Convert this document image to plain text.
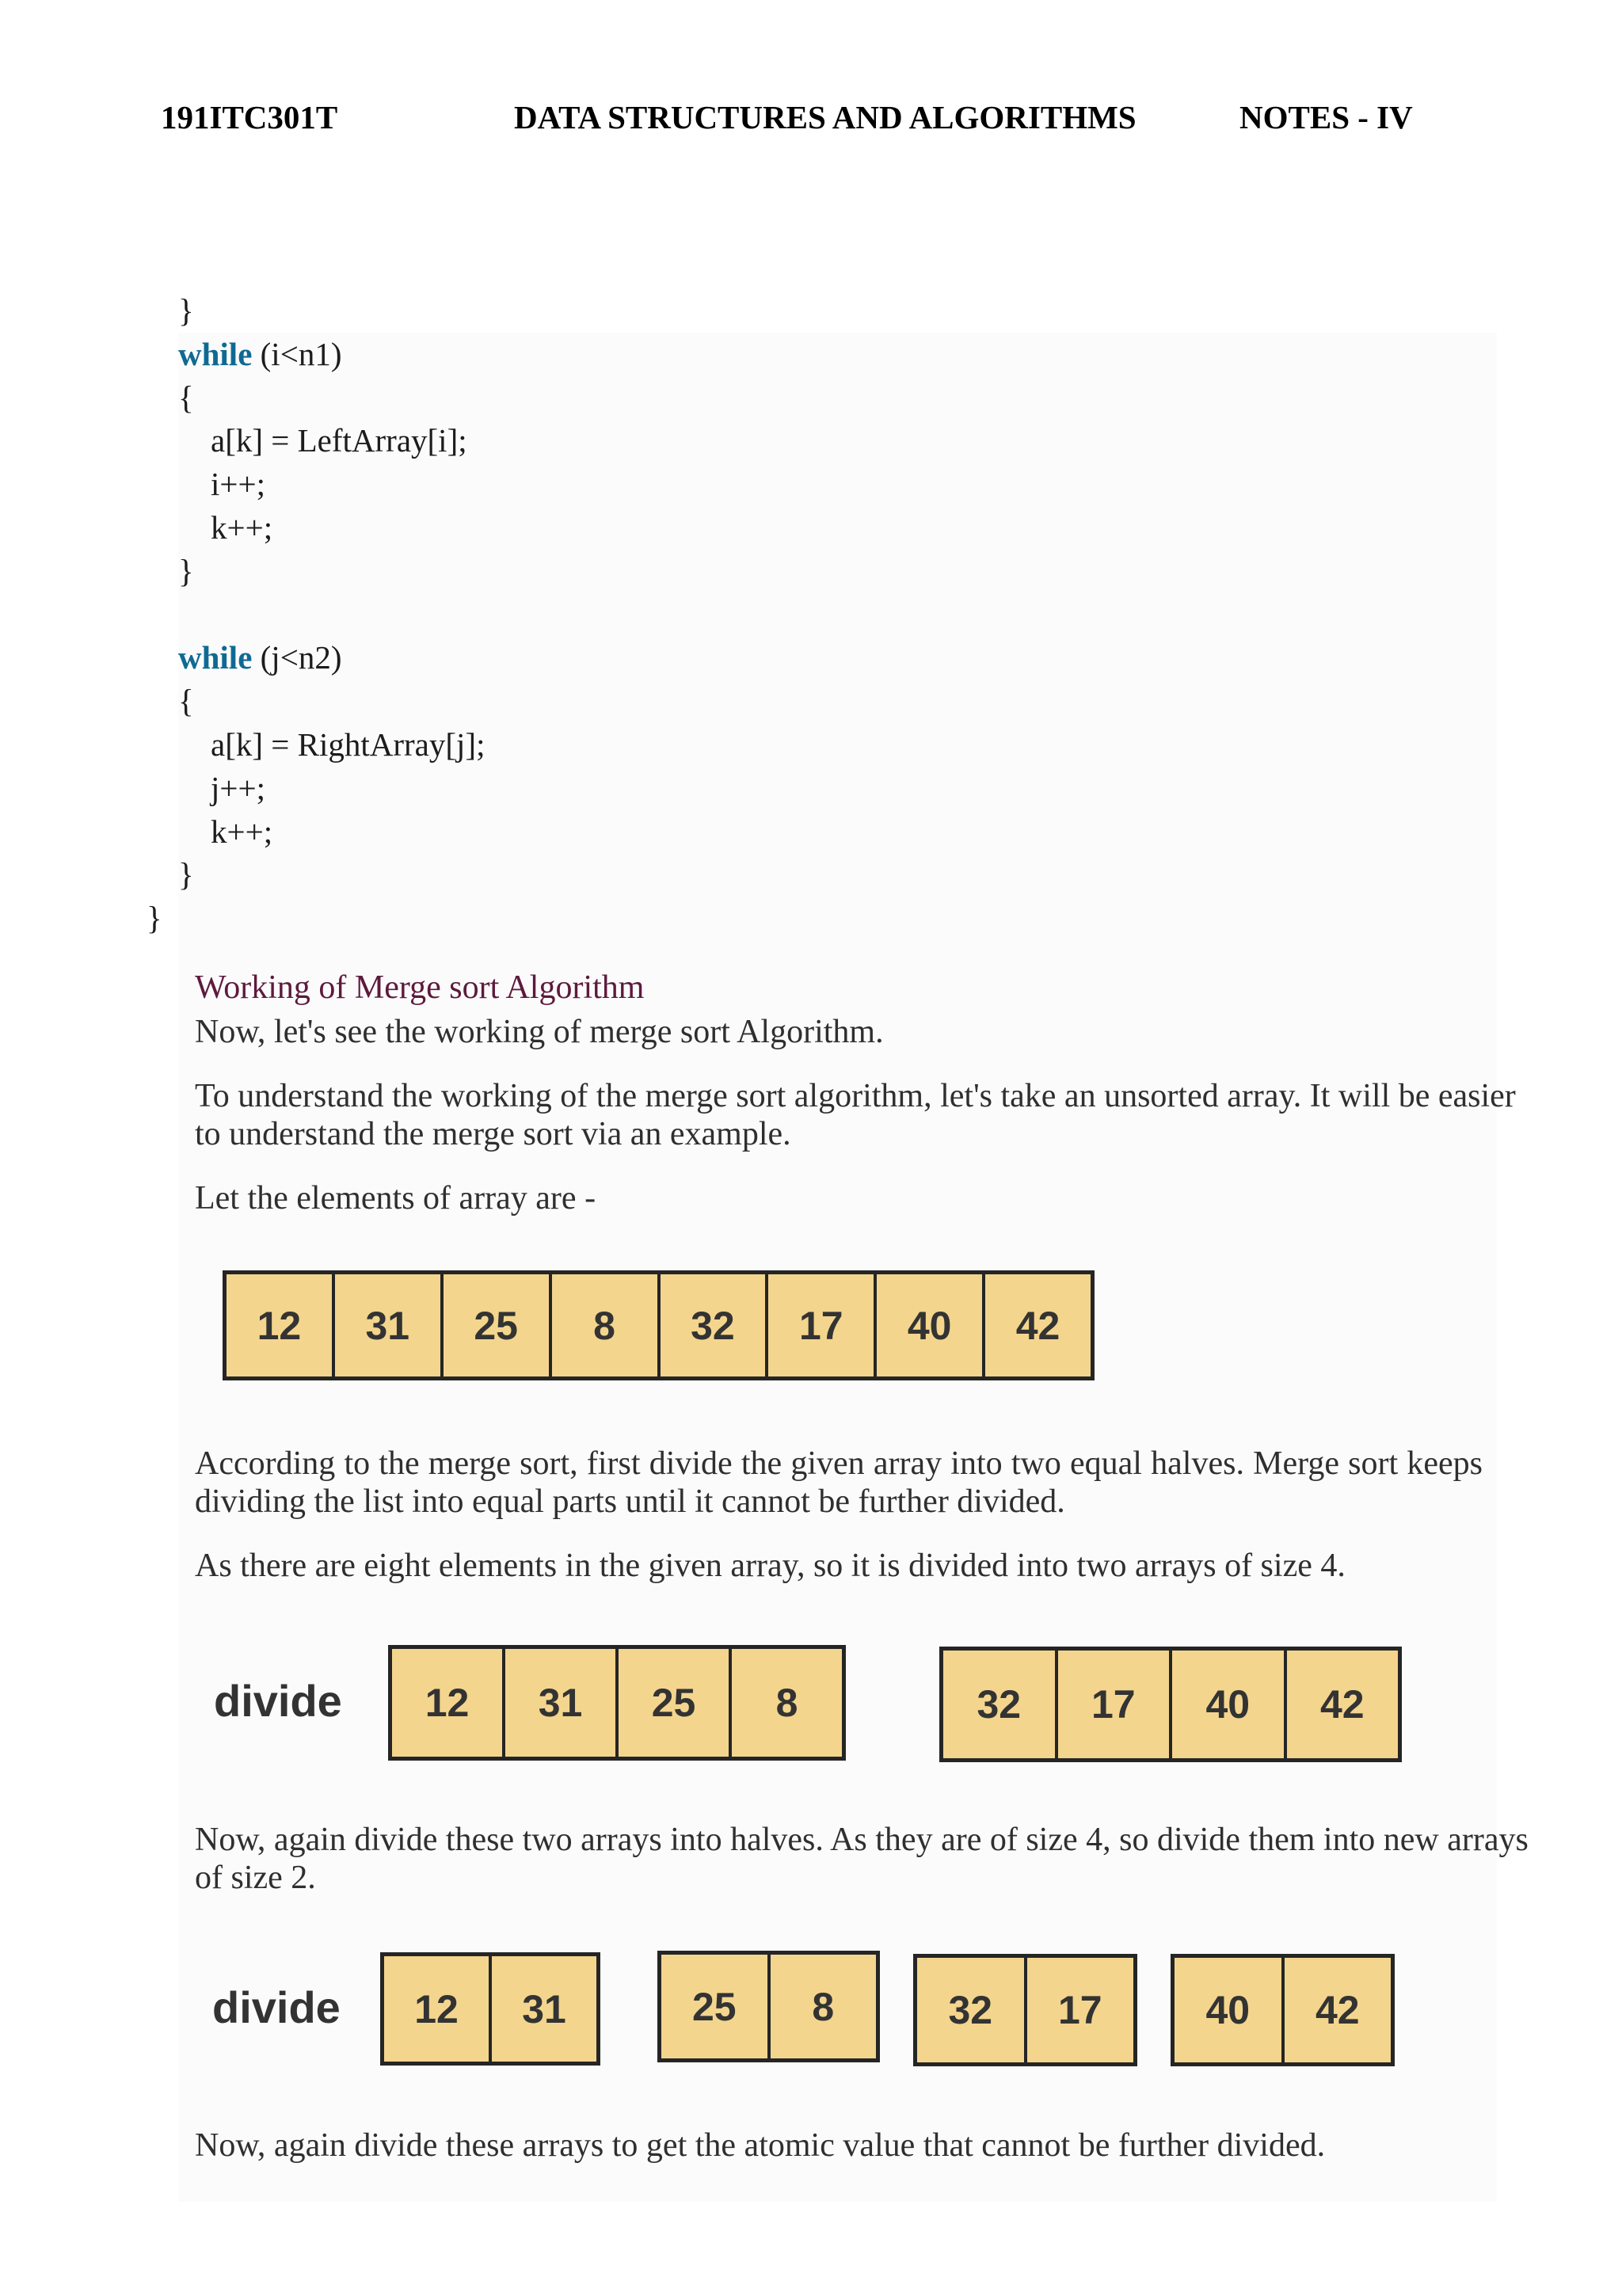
191ITC301T	DATA STRUCTURES AND ALGORITHMS	NOTES - IV
}
while (i<n1)
{
a[k] = LeftArray[i];
i++;
k++;
}
while (j<n2)
{
a[k] = RightArray[j];
j++;
k++;
}
}
Working of Merge sort Algorithm
Now, let's see the working of merge sort Algorithm.
To understand the working of the merge sort algorithm, let's take an unsorted array. It will be easier
to understand the merge sort via an example.
Let the elements of array are -
12	31	25	8	32	17	40	42
According to the merge sort, first divide the given array into two equal halves. Merge sort keeps
dividing the list into equal parts until it cannot be further divided.
As there are eight elements in the given array, so it is divided into two arrays of size 4.
divide	12	31	25	8	32	17	40	42
Now, again divide these two arrays into halves. As they are of size 4, so divide them into new arrays
of size 2.
divide	12	31	25	8	32	17	40	42
Now, again divide these arrays to get the atomic value that cannot be further divided.
